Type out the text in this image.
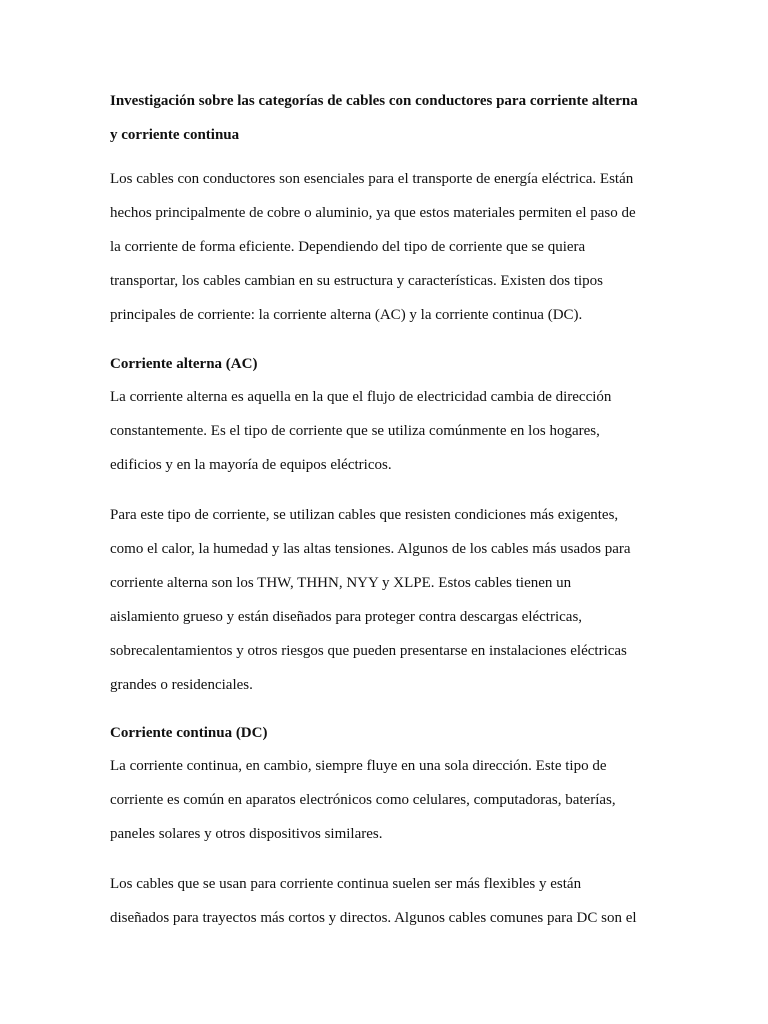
Investigación sobre las categorías de cables con conductores para corriente alterna
y corriente continua

Los cables con conductores son esenciales para el transporte de energía eléctrica. Están
hechos principalmente de cobre o aluminio, ya que estos materiales permiten el paso de
la corriente de forma eficiente. Dependiendo del tipo de corriente que se quiera
transportar, los cables cambian en su estructura y características. Existen dos tipos
principales de corriente: la corriente alterna (AC) y la corriente continua (DC).

Corriente alterna (AC)

La corriente alterna es aquella en la que el flujo de electricidad cambia de dirección
constantemente. Es el tipo de corriente que se utiliza comúnmente en los hogares,
edificios y en la mayoría de equipos eléctricos.

Para este tipo de corriente, se utilizan cables que resisten condiciones más exigentes,
como el calor, la humedad y las altas tensiones. Algunos de los cables más usados para
corriente alterna son los THW, THHN, NYY y XLPE. Estos cables tienen un
aislamiento grueso y están diseñados para proteger contra descargas eléctricas,
sobrecalentamientos y otros riesgos que pueden presentarse en instalaciones eléctricas
grandes o residenciales.

Corriente continua (DC)

La corriente continua, en cambio, siempre fluye en una sola dirección. Este tipo de
corriente es común en aparatos electrónicos como celulares, computadoras, baterías,
paneles solares y otros dispositivos similares.

Los cables que se usan para corriente continua suelen ser más flexibles y están
diseñados para trayectos más cortos y directos. Algunos cables comunes para DC son el
